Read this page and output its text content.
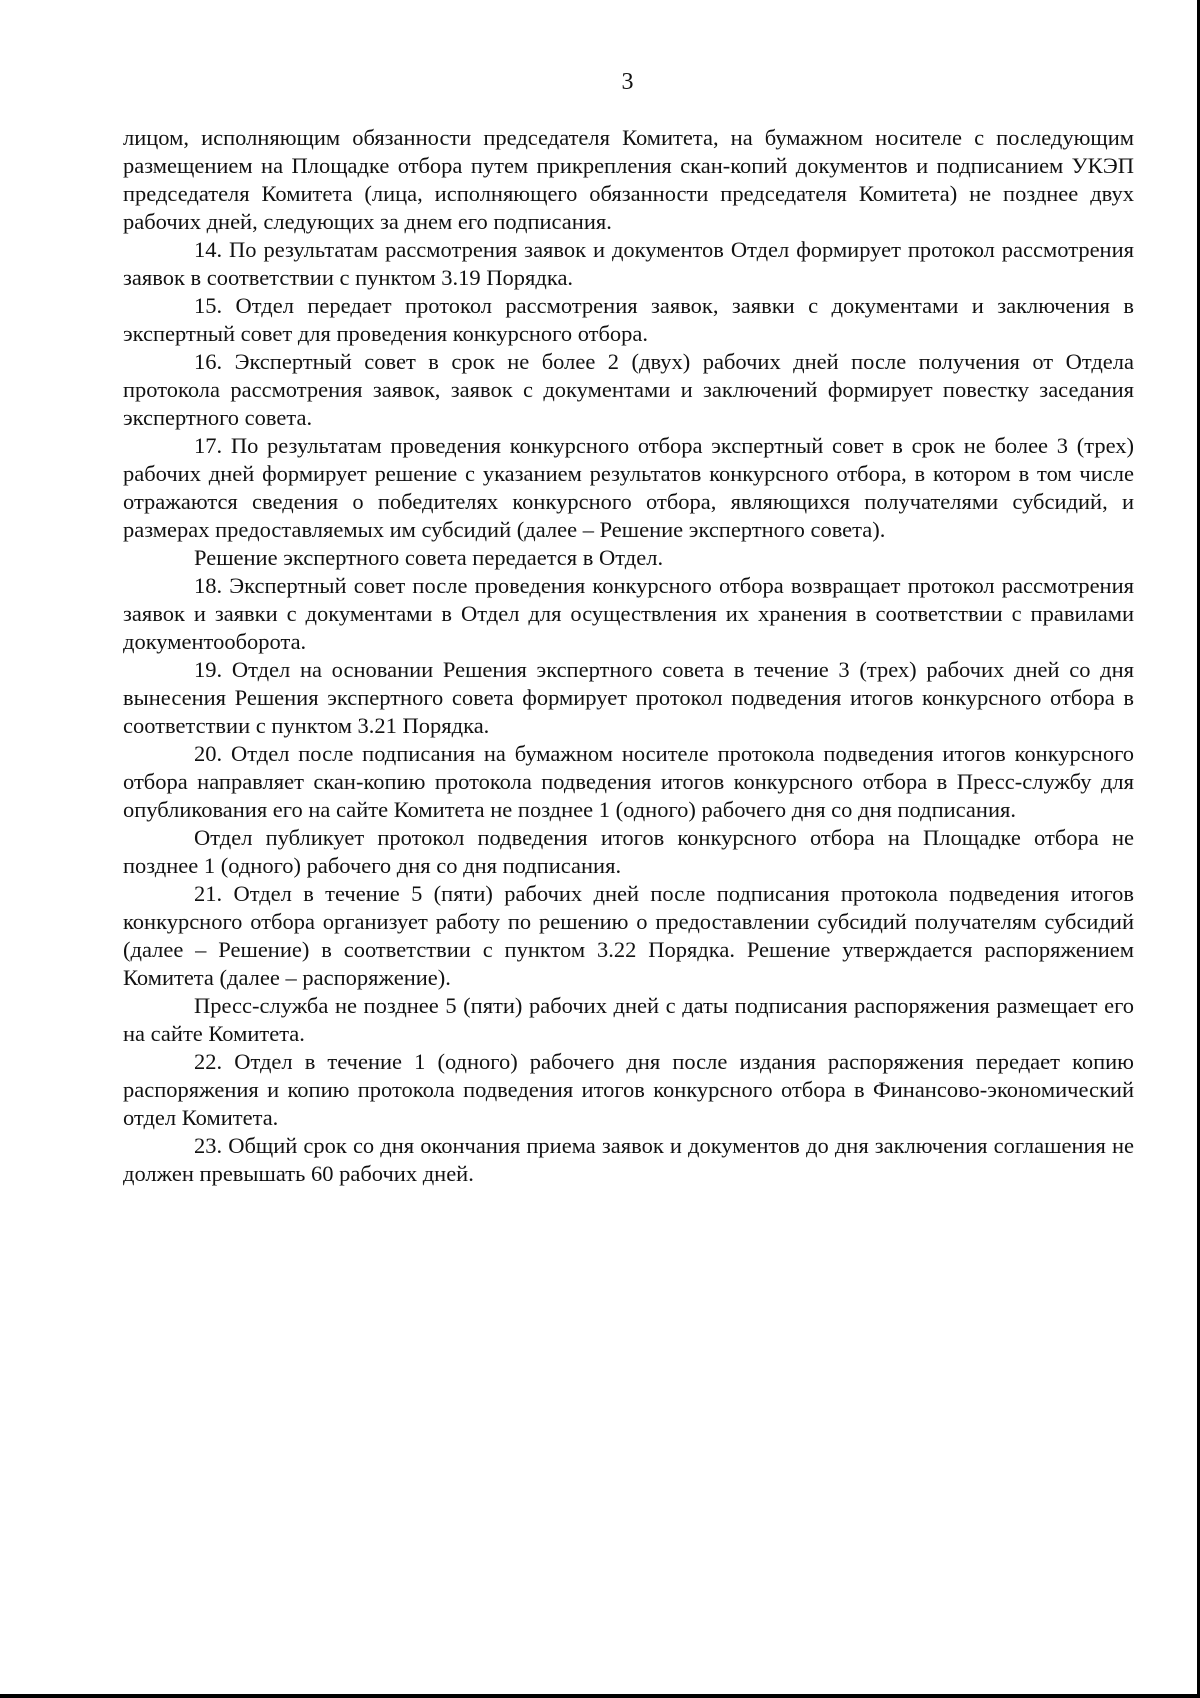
3

лицом, исполняющим обязанности председателя Комитета, на бумажном носителе с последующим размещением на Площадке отбора путем прикрепления скан-копий документов и подписанием УКЭП председателя Комитета (лица, исполняющего обязанности председателя Комитета) не позднее двух рабочих дней, следующих за днем его подписания.

14. По результатам рассмотрения заявок и документов Отдел формирует протокол рассмотрения заявок в соответствии с пунктом 3.19 Порядка.

15. Отдел передает протокол рассмотрения заявок, заявки с документами и заключения в экспертный совет для проведения конкурсного отбора.

16. Экспертный совет в срок не более 2 (двух) рабочих дней после получения от Отдела протокола рассмотрения заявок, заявок с документами и заключений формирует повестку заседания экспертного совета.

17. По результатам проведения конкурсного отбора экспертный совет в срок не более 3 (трех) рабочих дней формирует решение с указанием результатов конкурсного отбора, в котором в том числе отражаются сведения о победителях конкурсного отбора, являющихся получателями субсидий, и размерах предоставляемых им субсидий (далее – Решение экспертного совета).

Решение экспертного совета передается в Отдел.

18. Экспертный совет после проведения конкурсного отбора возвращает протокол рассмотрения заявок и заявки с документами в Отдел для осуществления их хранения в соответствии с правилами документооборота.

19. Отдел на основании Решения экспертного совета в течение 3 (трех) рабочих дней со дня вынесения Решения экспертного совета формирует протокол подведения итогов конкурсного отбора в соответствии с пунктом 3.21 Порядка.

20. Отдел после подписания на бумажном носителе протокола подведения итогов конкурсного отбора направляет скан-копию протокола подведения итогов конкурсного отбора в Пресс-службу для опубликования его на сайте Комитета не позднее 1 (одного) рабочего дня со дня подписания.

Отдел публикует протокол подведения итогов конкурсного отбора на Площадке отбора не позднее 1 (одного) рабочего дня со дня подписания.

21. Отдел в течение 5 (пяти) рабочих дней после подписания протокола подведения итогов конкурсного отбора организует работу по решению о предоставлении субсидий получателям субсидий (далее – Решение) в соответствии с пунктом 3.22 Порядка. Решение утверждается распоряжением Комитета (далее – распоряжение).

Пресс-служба не позднее 5 (пяти) рабочих дней с даты подписания распоряжения размещает его на сайте Комитета.

22. Отдел в течение 1 (одного) рабочего дня после издания распоряжения передает копию распоряжения и копию протокола подведения итогов конкурсного отбора в Финансово-экономический отдел Комитета.

23. Общий срок со дня окончания приема заявок и документов до дня заключения соглашения не должен превышать 60 рабочих дней.
